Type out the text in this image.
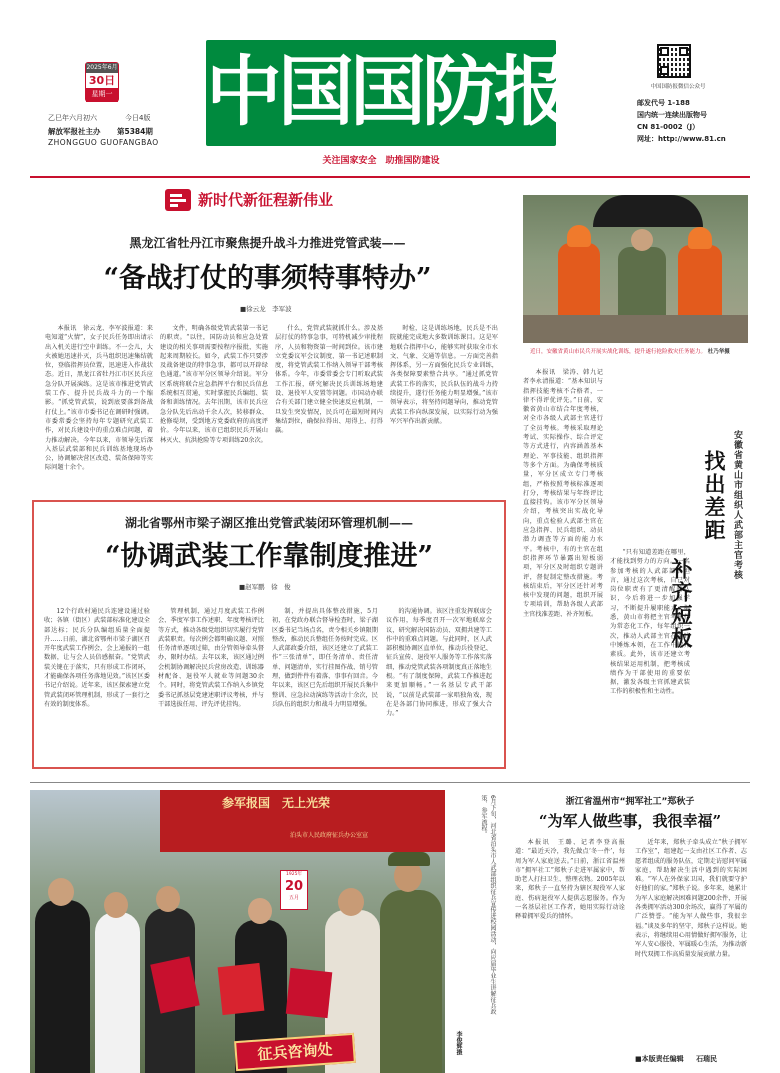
2025年6月
30日
星期一
乙巳年六月初六	今日4版
解放军报社主办 第5384期
ZHONGGUO GUOFANGBAO
中国国防报
关注国家安全　助推国防建设
中国国防报微信公众号
邮发代号 1-188
国内统一连续出版物号
CN 81-0002（J）
网址：http://www.81.cn
新时代新征程新伟业
黑龙江省牡丹江市聚焦提升战斗力推进党管武装——
“备战打仗的事须特事特办”
■徐云龙　李军波
本报讯　徐云龙、李军波报道：来电知道“火情”，女子民兵任务即出请示出入机关进行空中训练。不一会儿，大火被她迅速扑灭，兵马组织迅速集结就位，登临指挥员位置，迅速进入作战状态。近日，黑龙江省牡丹江市区民兵应急分队开展演练。这是该市推进党管武装工作、提升民兵战斗力的一个缩影。“抓党管武装，说到底要落到备战打仗上。”该市市委书记在调研时强调。市委常委会坚持每年专题研究武装工作，对民兵建设中的重点难点问题，着力推动解决。今年以来，市领导先后深入基层武装部和民兵训练基地现场办公，协调解决营区改造、装备保障等实际问题十余个。
文件，明确各级党管武装第一书记的职责。“以往，国防动员和应急处置建设的相关事项需要按程序报批，实施起来周期较长。如今，武装工作只要涉及战备建设的特事急事，都可以开辟绿色通道。”该市军分区领导介绍说。军分区系统将联合应急指挥平台和民兵信息系统相互贯通，实时掌握民兵编组、装备和训练情况。去年汛期，该市民兵应急分队先后出动千余人次，转移群众、抢修堤坝，受到地方党委政府的高度评价。今年以来，该市已组织民兵开展山林灭火、抗洪抢险等专项训练20余次。
什么，党管武装就抓什么。涉及基层打仗的特事急事，可特机减少审批程序，人员和物资第一时间到位。该市建立党委议军会议制度、第一书记述职制度，将党管武装工作纳入领导干部考核体系。今年，市委常委会专门听取武装工作汇报，研究解决民兵训练场地建设、退役军人安置等问题。市国动办联合有关部门建立健全快速反应机制，一旦发生突发情况，民兵可在最短时间内集结到位，确保拉得出、用得上、打得赢。
时检，这是训练场地，民兵是不出院就能完成地大多数训练课目。这是军地联合指挥中心，能够实时获取全市水文、气象、交通等信息。一方面完善指挥体系，另一方面强化民兵专业训练，各类保障要素整合共享。“通过抓党管武装工作的落实，民兵队伍的战斗力持续提升，遂行任务能力明显增强。”该市领导表示，将坚持问题导向，推动党管武装工作向纵深发展，以实际行动为强军兴军作出新贡献。
近日，安徽省黄山市民兵开展实战化训练，提升遂行抢险救灾任务能力。 杜乃华摄
本报讯　梁涛、韩九记者李永清报道：“基本知识与指挥技能考核不合格者，一律不得评优评先。”日前，安徽省黄山市结合年度考核，对全市各级人武部主官进行了全员考核。考核采取理论考试、实际操作、综合评定等方式进行，内容涵盖基本理论、军事技能、组织指挥等多个方面。为确保考核质量，军分区成立专门考核组，严格按照考核标准逐项打分，考核结果与年终评比直接挂钩。该市军分区领导介绍，考核突出实战化导向，重点检验人武部主官在应急指挥、民兵组织、动员潜力调查等方面的能力水平。考核中，有的主官在组织指挥环节暴露出短板弱项，军分区及时组织专题讲评，督促制定整改措施。考核结束后，军分区还针对考核中发现的问题，组织开展专项培训，帮助各级人武部主官找准差距、补齐短板。
“只有知道差距在哪里，才能找到努力的方向。”一名参加考核的人武部部长坦言，通过这次考核，自己对岗位职责有了更清醒的认识，今后将进一步加强学习，不断提升履职能力。据悉，黄山市将把主官考核作为常态化工作，每年组织一次，推动人武部主官在实践中锤炼本领，在工作中提升素质。此外，该市还建立考核结果运用机制，把考核成绩作为干部使用的重要依据，激发各级主官抓建武装工作的积极性和主动性。
安徽省黄山市组织人武部主官考核
找出差距
补齐短板
湖北省鄂州市梁子湖区推出党管武装闭环管理机制——
“协调武装工作靠制度推进”
■赵军鹏　徐　俊
12个行政村通民兵连建设通过验收；各镇（街区）武装部标准化建设全部达标；民兵分队编组质量全面提升……日前，湖北省鄂州市梁子湖区召开年度武装工作例会，会上通报的一组数据，让与会人员倍感振奋。“党管武装关键在于落实，只有形成工作闭环，才能确保各项任务落地见效。”该区区委书记介绍说。近年来，该区探索建立党管武装闭环管理机制，形成了一套行之有效的制度体系。
管理机制，通过月度武装工作例会、季度军事工作述职、年度考核评比等方式，推动各级党组织切实履行党管武装职责。每次例会都明确议题、对照任务清单逐项过筛，由分管领导牵头督办，限时办结。去年以来，该区通过例会机制协调解决民兵营房改造、训练器材配备、退役军人就业等问题30余个。同时，将党管武装工作纳入乡镇党委书记抓基层党建述职评议考核，并与干部选拔任用、评先评优挂钩。
制，并提出具体整改措施，5月初，在党政办联合督导检查时，梁子湖区委书记当场点名，责令相关乡镇限期整改，推动民兵整组任务按时完成。区人武部政委介绍，该区还建立了武装工作“三张清单”，即任务清单、责任清单、问题清单，实行挂图作战、销号管理，做到件件有着落、事事有回音。今年以来，该区已先后组织开展民兵集中整训、应急拉动演练等活动十余次，民兵队伍的组织力和战斗力明显增强。
的沟通协调。该区注重发挥联席会议作用，每季度召开一次军地联席会议，研究解决国防动员、双拥共建等工作中的重难点问题。与此同时，区人武部积极协调区直单位，推动兵役登记、征兵宣传、退役军人服务等工作落实落细，推动党管武装各项制度真正落地生根。“有了制度保障，武装工作推进起来更加顺畅。”一名基层专武干部说，“以前是武装部一家唱独角戏，现在是各部门协同推进，形成了强大合力。”
参军报国　无上光荣
泊头市人民政府征兵办公室宣
1925年
20
五月
征兵咨询处
6月下旬，河北省泊头市人武部组织征兵宣传进校园活动，向应届毕业生讲解征兵政策、参军流程。
李俊辉摄
浙江省温州市“拥军社工”郑秋子
“为军人做些事，我很幸福”
本报讯　王璐、记者李登高报道：“最近天冷，我先做点‘冬一件’，每周为军人家庭送去。”日前，浙江省温州市“拥军社工”郑秋子走进军属家中，帮助老人打扫卫生、整理衣物。2005年以来，郑秋子一直坚持为辖区现役军人家庭、伤病退役军人提供志愿服务。作为一名基层社区工作者，她用实际行动诠释着拥军爱兵的情怀。
近年来，郑秋子牵头成立“秋子拥军工作室”，组建起一支由社区工作者、志愿者组成的服务队伍，定期走访慰问军属家庭，帮助解决生活中遇到的实际困难。“军人在外保家卫国，我们就要守护好他们的家。”郑秋子说。多年来，她累计为军人家庭解决困难问题200余件，开展各类拥军活动300余场次，赢得了军属的广泛赞誉。“能为军人做些事，我很幸福。”谈及多年的坚守，郑秋子这样说。她表示，将继续用心用情做好拥军服务，让军人安心服役、军属暖心生活，为推动新时代双拥工作高质量发展贡献力量。
■本版责任编辑 石瑞民
